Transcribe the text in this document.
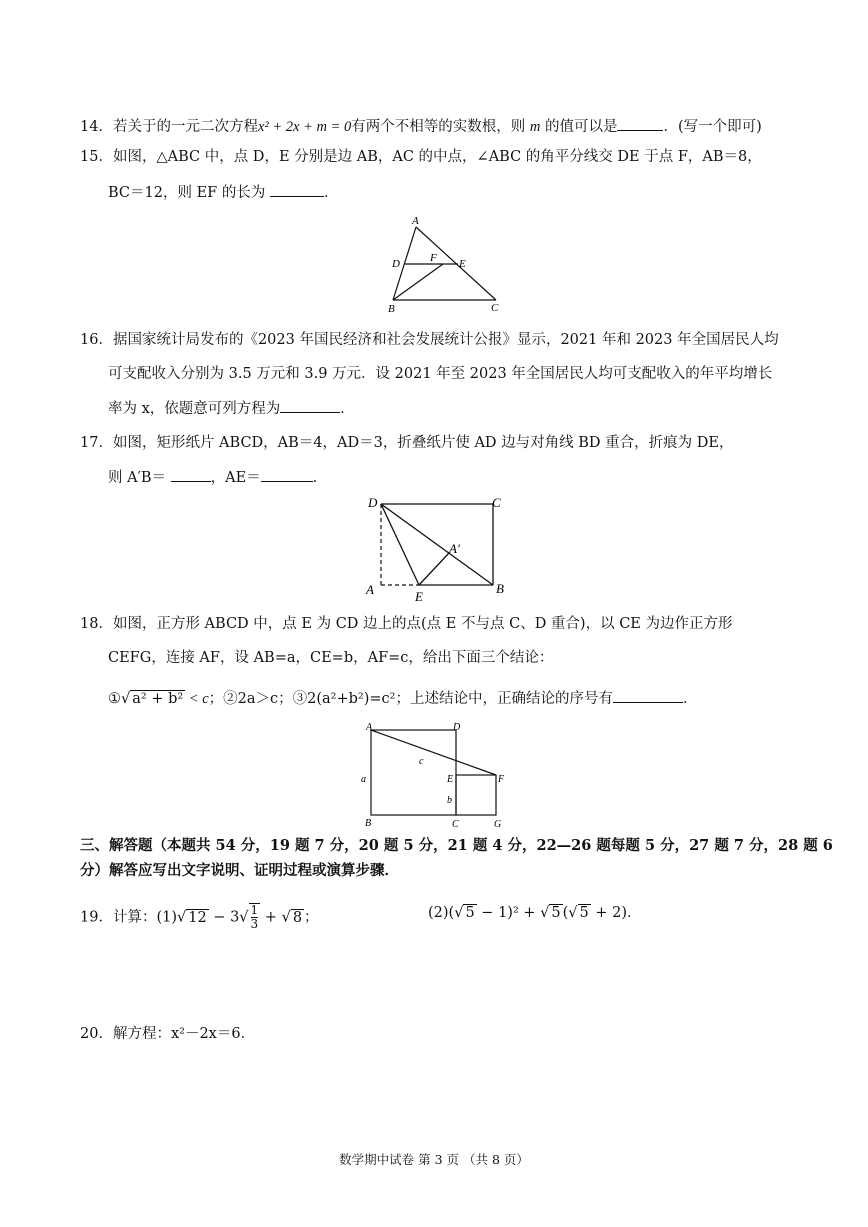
14．若关于的一元二次方程x² + 2x + m = 0有两个不相等的实数根，则 m 的值可以是	．(写一个即可)
15．如图，△ABC 中，点 D，E 分别是边 AB，AC 的中点，∠ABC 的角平分线交 DE 于点 F，AB＝8，
BC＝12，则 EF 的长为	．
A
B	C
D	E
F
16．据国家统计局发布的《2023 年国民经济和社会发展统计公报》显示，2021 年和 2023 年全国居民人均
可支配收入分别为 3.5 万元和 3.9 万元．设 2021 年至 2023 年全国居民人均可支配收入的年平均增长
率为 x，依题意可列方程为	．
17．如图，矩形纸片 ABCD，AB＝4，AD＝3，折叠纸片使 AD 边与对角线 BD 重合，折痕为 DE，
则 A′B＝	，AE＝	．
D	C
A	B
E
A′
18．如图，正方形 ABCD 中，点 E 为 CD 边上的点(点 E 不与点 C、D 重合)，以 CE 为边作正方形
CEFG，连接 AF，设 AB=a，CE=b，AF=c，给出下面三个结论：
①√ a² + b² < c；②2a＞c；③2(a²+b²)=c²；上述结论中，正确结论的序号有	．
A	D
B	C	G
F
E
a
b
c
三、解答题（本题共 54 分，19 题 7 分，20 题 5 分，21 题 4 分，22—26 题每题 5 分，27 题 7 分，28 题 6
分）解答应写出文字说明、证明过程或演算步骤．
19．计算：(1)√ $12 - 3√ \frac{1}{3}$ + √ 8 ；	(2)(√ 5 − 1)² + √ 5 (√ 5 + 2)．
20．解方程：x²－2x＝6．
数学期中试卷 第 3 页 （共 8 页）
